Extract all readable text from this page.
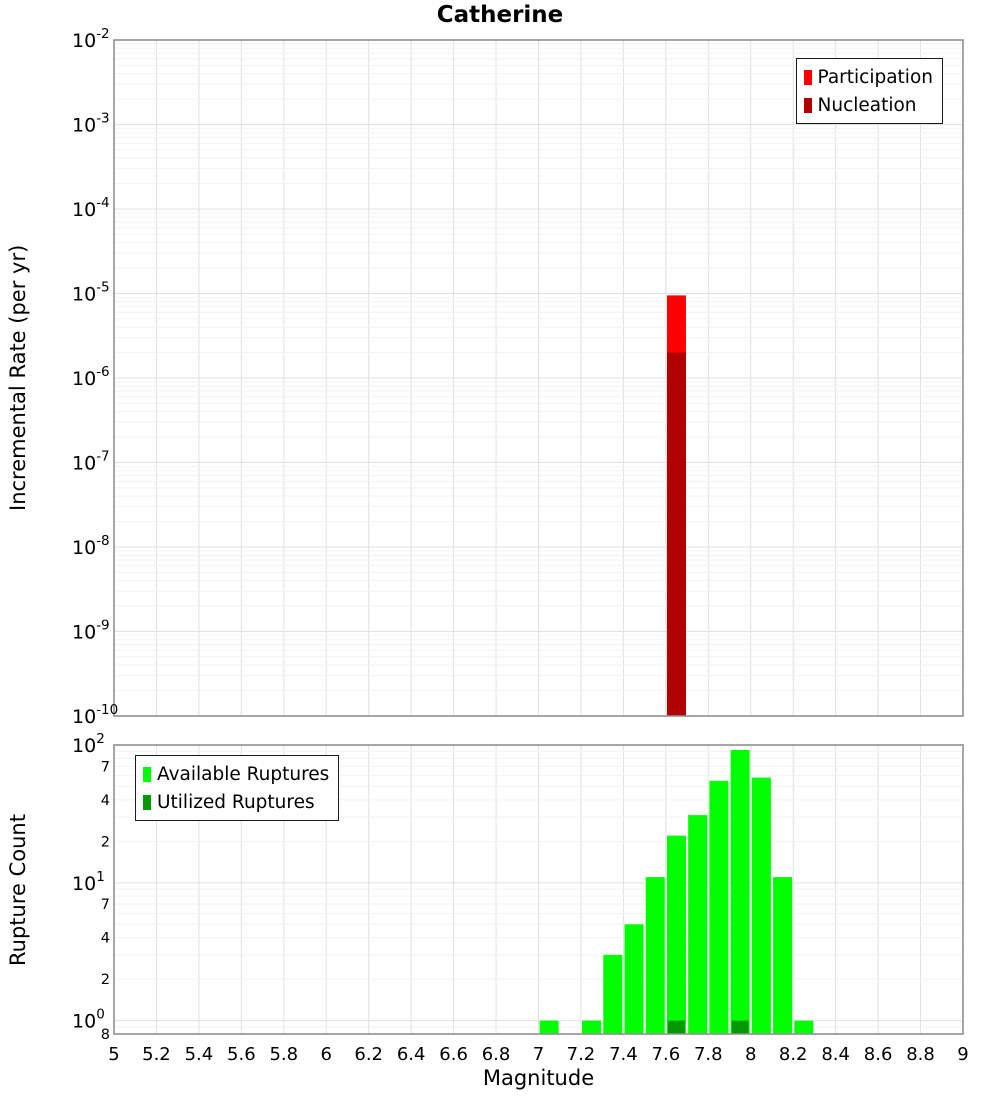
$10^{-2}$
$10^{-3}$
$10^{-4}$
$10^{-5}$
$10^{-6}$
$10^{-7}$
$10^{-8}$
$10^{-9}$
$10^{-10}$
$10^2$
$10^1$
$10^0$
7
4
2
7
4
2
8
5 5.2 5.4 5.6 5.8 6 6.2 6.4 6.6 6.8 7 7.2 7.4 7.6 7.8 8 8.2 8.4 8.6 8.8 9
Catherine
Incremental Rate (per yr)
Rupture Count
Magnitude
Participation
Nucleation
Available Ruptures
Utilized Ruptures
